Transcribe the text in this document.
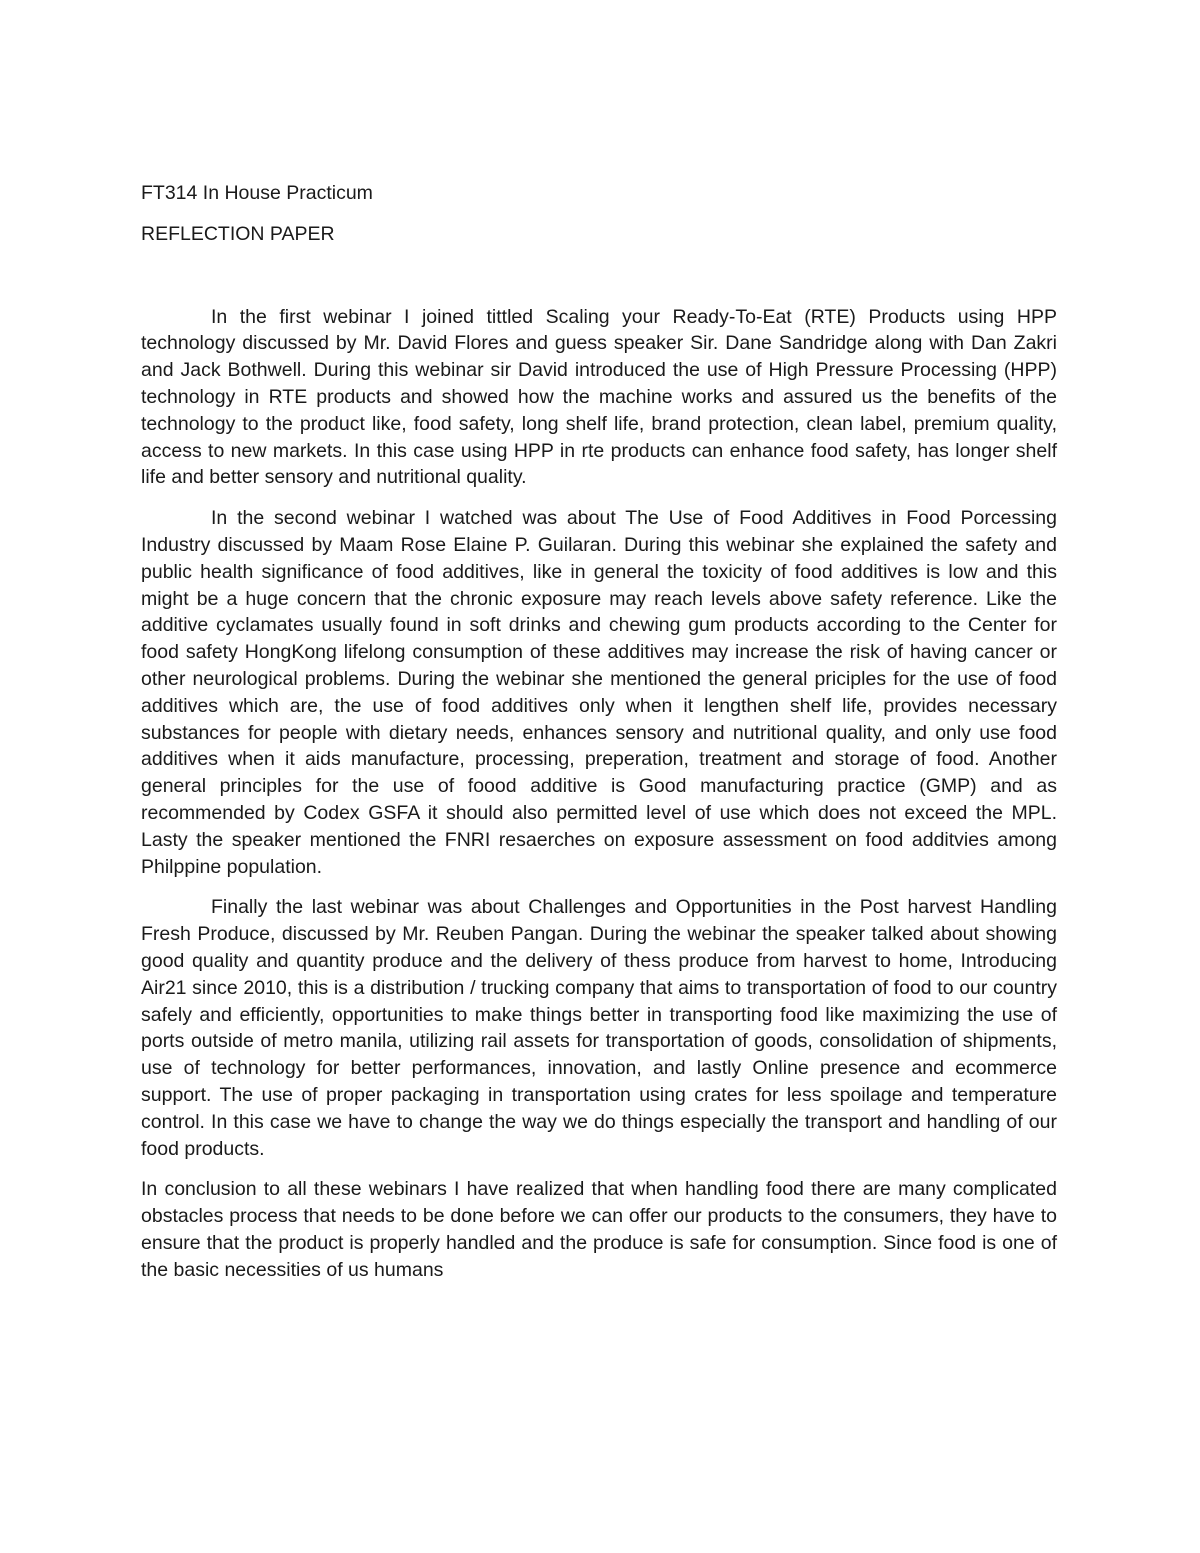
FT314 In House Practicum

REFLECTION PAPER

In the first webinar I joined tittled Scaling your Ready-To-Eat (RTE) Products using HPP technology discussed by Mr. David Flores and guess speaker Sir. Dane Sandridge along with Dan Zakri and Jack Bothwell. During this webinar sir David introduced the use of High Pressure Processing (HPP) technology in RTE products and showed how the machine works and assured us the benefits of the technology to the product like, food safety, long shelf life, brand protection, clean label, premium quality, access to new markets. In this case using HPP in rte products can enhance food safety, has longer shelf life and better sensory and nutritional quality.

In the second webinar I watched was about The Use of Food Additives in Food Porcessing Industry discussed by Maam Rose Elaine P. Guilaran. During this webinar she explained the safety and public health significance of food additives, like in general the toxicity of food additives is low and this might be a huge concern that the chronic exposure may reach levels above safety reference. Like the additive cyclamates usually found in soft drinks and chewing gum products according to the Center for food safety HongKong lifelong consumption of these additives may increase the risk of having cancer or other neurological problems. During the webinar she mentioned the general priciples for the use of food additives which are, the use of food additives only when it lengthen shelf life, provides necessary substances for people with dietary needs, enhances sensory and nutritional quality, and only use food additives when it aids manufacture, processing, preperation, treatment and storage of food. Another general principles for the use of foood additive is Good manufacturing practice (GMP) and as recommended by Codex GSFA it should also permitted level of use which does not exceed the MPL. Lasty the speaker mentioned the FNRI resaerches on exposure assessment on food additvies among Philppine population.

Finally the last webinar was about Challenges and Opportunities in the Post harvest Handling Fresh Produce, discussed by Mr. Reuben Pangan. During the webinar the speaker talked about showing good quality and quantity produce and the delivery of thess produce from harvest to home, Introducing Air21 since 2010, this is a distribution / trucking company that aims to transportation of food to our country safely and efficiently, opportunities to make things better in transporting food like maximizing the use of ports outside of metro manila, utilizing rail assets for transportation of goods, consolidation of shipments, use of technology for better performances, innovation, and lastly Online presence and ecommerce support. The use of proper packaging in transportation using crates for less spoilage and temperature control. In this case we have to change the way we do things especially the transport and handling of our food products.

In conclusion to all these webinars I have realized that when handling food there are many complicated obstacles process that needs to be done before we can offer our products to the consumers, they have to ensure that the product is properly handled and the produce is safe for consumption. Since food is one of the basic necessities of us humans
